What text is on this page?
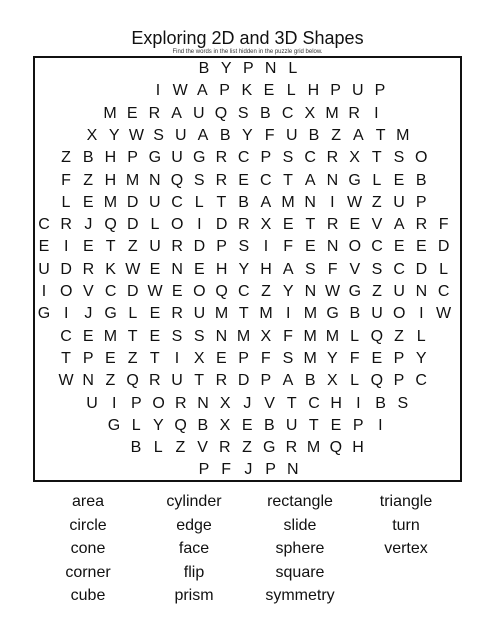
Exploring 2D and 3D Shapes
Find the words in the list hidden in the puzzle grid below.
B Y P N L
I W A P K E L H P U P
M E R A U Q S B C X M R I
X Y W S U A B Y F U B Z A T M
Z B H P G U G R C P S C R X T S O
F Z H M N Q S R E C T A N G L E B
L E M D U C L T B A M N I W Z U P
C R J Q D L O I D R X E T R E V A R F
E I E T Z U R D P S I F E N O C E E D
U D R K W E N E H Y H A S F V S C D L
I O V C D W E O Q C Z Y N W G Z U N C
G I J G L E R U M T M I M G B U O I W
C E M T E S S N M X F M M L Q Z L
T P E Z T I X E P F S M Y F E P Y
W N Z Q R U T R D P A B X L Q P C
U I P O R N X J V T C H I B S
G L Y Q B X E B U T E P I
B L Z V R Z G R M Q H
P F J P N
area	cylinder	rectangle	triangle
circle	edge	slide	turn
cone	face	sphere	vertex
corner	flip	square
cube	prism	symmetry
